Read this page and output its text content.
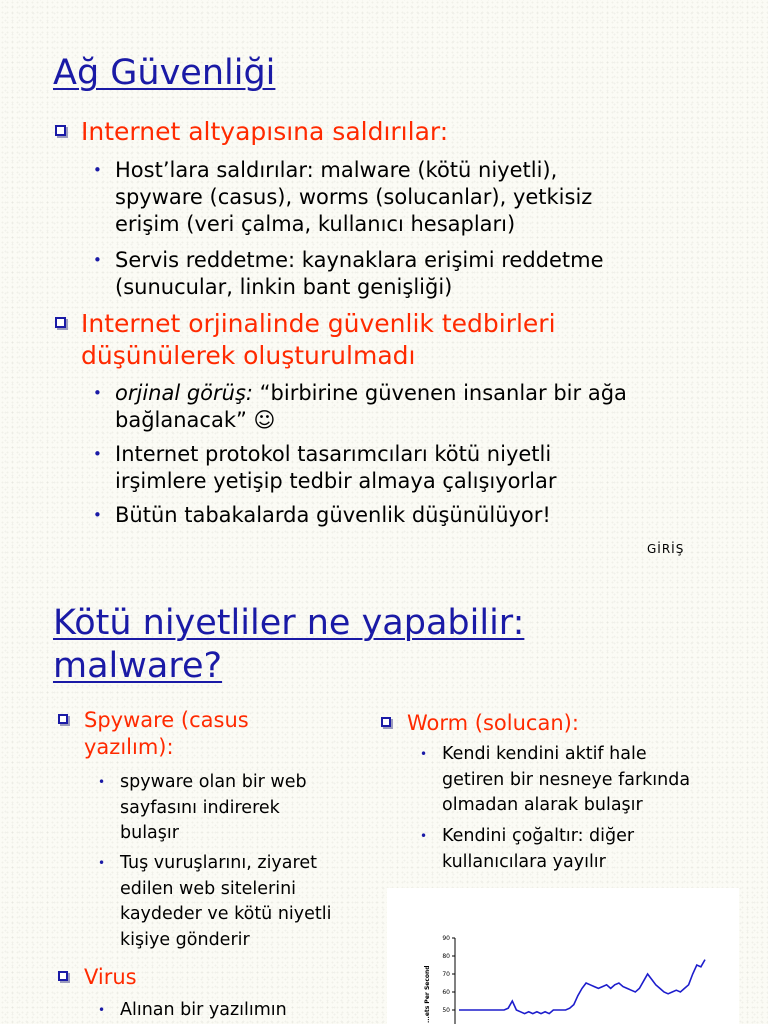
Ağ Güvenliği
Internet altyapısına saldırılar:
• Host’lara saldırılar: malware (kötü niyetli),
spyware (casus), worms (solucanlar), yetkisiz
erişim (veri çalma, kullanıcı hesapları)
• Servis reddetme: kaynaklara erişimi reddetme
(sunucular, linkin bant genişliği)
Internet orjinalinde güvenlik tedbirleri
düşünülerek oluşturulmadı
• orjinal görüş: “birbirine güvenen insanlar bir ağa
bağlanacak” ☺
• Internet protokol tasarımcıları kötü niyetli
irşimlere yetişip tedbir almaya çalışıyorlar
• Bütün tabakalarda güvenlik düşünülüyor!
GİRİŞ
Kötü niyetliler ne yapabilir:
malware?
Spyware (casus
yazılım):
• spyware olan bir web
sayfasını indirerek
bulaşır
• Tuş vuruşlarını, ziyaret
edilen web sitelerini
kaydeder ve kötü niyetli
kişiye gönderir
Virus
• Alınan bir yazılımın
Worm (solucan):
• Kendi kendini aktif hale
getiren bir nesneye farkında
olmadan alarak bulaşır
• Kendini çoğaltır: diğer
kullanıcılara yayılır
...ets Per Second
90
80
70
60
50
